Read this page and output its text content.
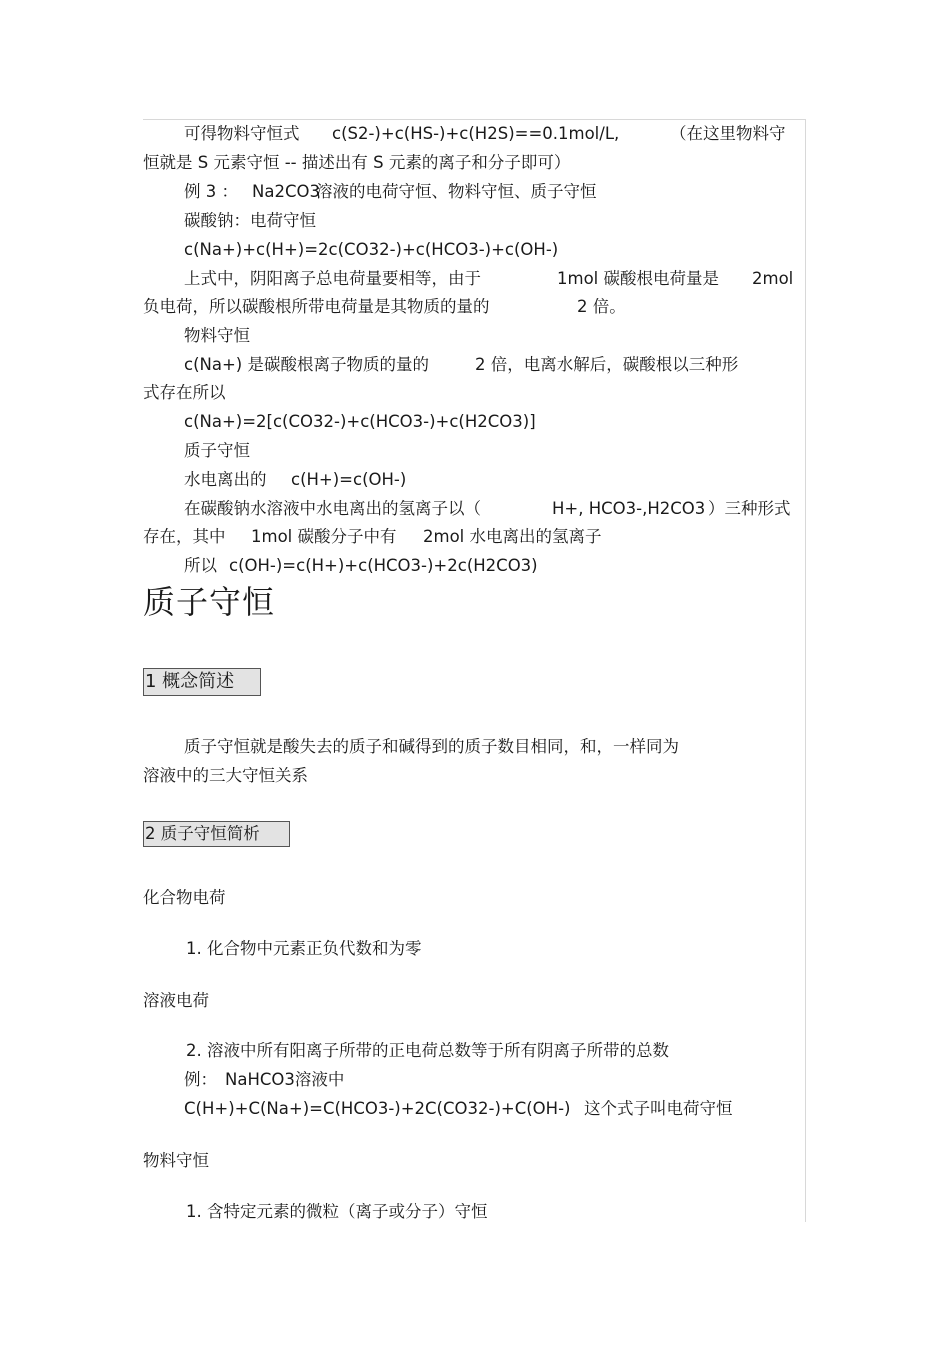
可得物料守恒式 c(S2-)+c(HS-)+c(H2S)==0.1mol/L,	（在这里物料守

恒就是 S 元素守恒 -- 描述出有 S 元素的离子和分子即可）

例 3 ： Na2CO3

溶液的电荷守恒、物料守恒、质子守恒

碳酸钠：电荷守恒

c(Na+)+c(H+)=2c(CO32-)+c(HCO3-)+c(OH-)

上式中，阴阳离子总电荷量要相等，由于	1mol 碳酸根电荷量是 2mol

负电荷，所以碳酸根所带电荷量是其物质的量的	2 倍。

物料守恒

c(Na+) 是碳酸根离子物质的量的	2 倍，电离水解后，碳酸根以三种形

式存在所以

c(Na+)=2[c(CO32-)+c(HCO3-)+c(H2CO3)]

质子守恒

水电离出的 c(H+)=c(OH-)

在碳酸钠水溶液中水电离出的氢离子以（	H+, HCO3-,H2CO3 ）三种形式

存在，其中 1mol 碳酸分子中有 2mol 水电离出的氢离子

所以 c(OH-)=c(H+)+c(HCO3-)+2c(H2CO3)

质子守恒
1 概念简述

质子守恒就是酸失去的质子和碱得到的质子数目相同，和，一样同为

溶液中的三大守恒关系

2 质子守恒简析

化合物电荷

1. 化合物中元素正负代数和为零

溶液电荷

2. 溶液中所有阳离子所带的正电荷总数等于所有阴离子所带的总数

例： NaHCO3溶液中

C(H+)+C(Na+)=C(HCO3-)+2C(CO32-)+C(OH-) 这个式子叫电荷守恒

物料守恒

1. 含特定元素的微粒（离子或分子）守恒
